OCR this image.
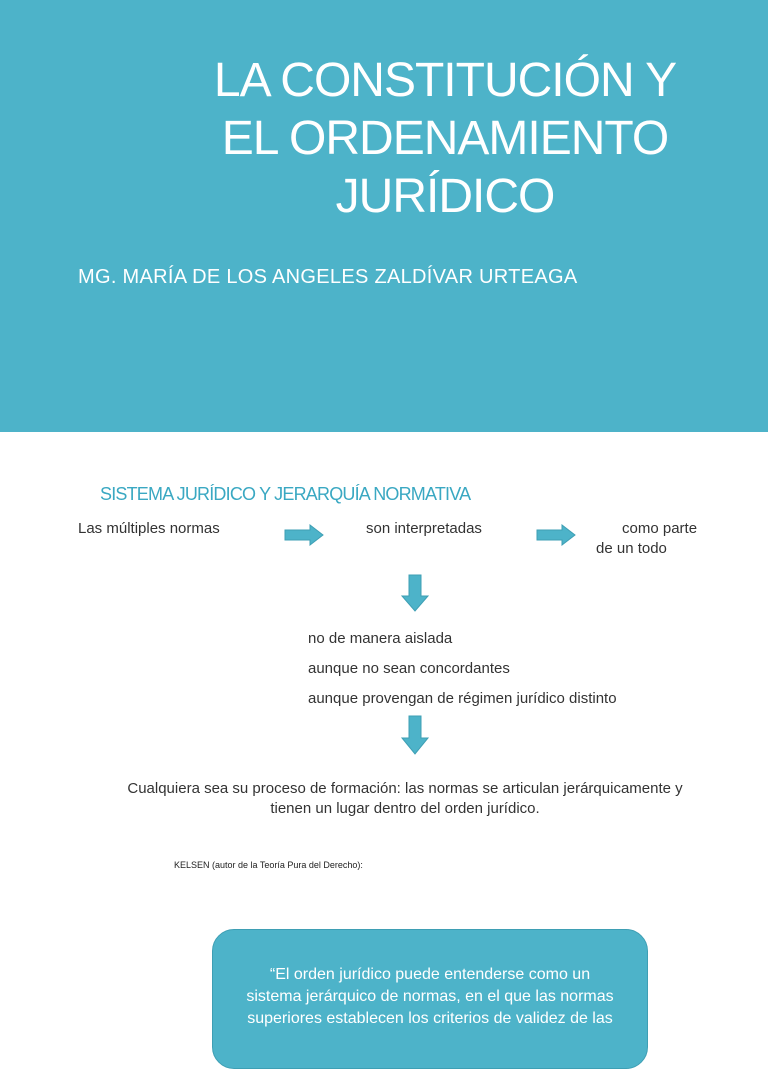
LA CONSTITUCIÓN Y
EL ORDENAMIENTO
JURÍDICO

MG. MARÍA DE LOS ANGELES ZALDÍVAR URTEAGA

SISTEMA JURÍDICO Y JERARQUÍA NORMATIVA
Las múltiples normas	son interpretadas	como parte
de un todo
no de manera aislada
aunque no sean concordantes
aunque provengan de régimen jurídico distinto
Cualquiera sea su proceso de formación: las normas se articulan jerárquicamente y
tienen un lugar dentro del orden jurídico.
KELSEN (autor de la Teoría Pura del Derecho):
“El orden jurídico puede entenderse como un
sistema jerárquico de normas, en el que las normas
superiores establecen los criterios de validez de las
